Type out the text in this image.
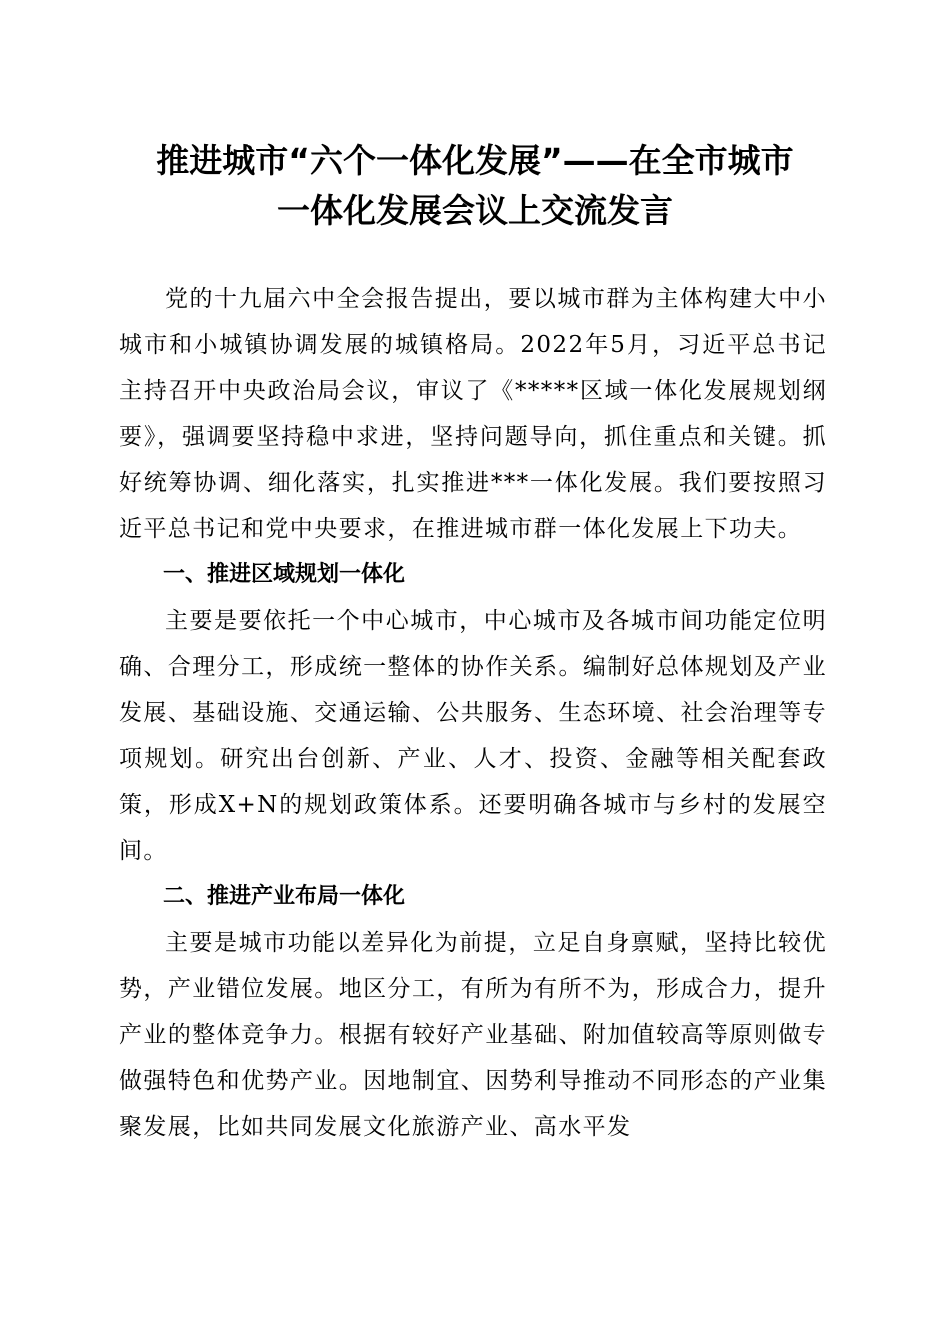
推进城市“六个一体化发展”——在全市城市
一体化发展会议上交流发言

党的十九届六中全会报告提出，要以城市群为主体构建大中小城市和小城镇协调发展的城镇格局。2022年5月，习近平总书记主持召开中央政治局会议，审议了《*****区域一体化发展规划纲要》，强调要坚持稳中求进，坚持问题导向，抓住重点和关键。抓好统筹协调、细化落实，扎实推进***一体化发展。我们要按照习近平总书记和党中央要求，在推进城市群一体化发展上下功夫。

一、推进区域规划一体化

主要是要依托一个中心城市，中心城市及各城市间功能定位明确、合理分工，形成统一整体的协作关系。编制好总体规划及产业发展、基础设施、交通运输、公共服务、生态环境、社会治理等专项规划。研究出台创新、产业、人才、投资、金融等相关配套政策，形成X+N的规划政策体系。还要明确各城市与乡村的发展空间。

二、推进产业布局一体化

主要是城市功能以差异化为前提，立足自身禀赋，坚持比较优势，产业错位发展。地区分工，有所为有所不为，形成合力，提升产业的整体竞争力。根据有较好产业基础、附加值较高等原则做专做强特色和优势产业。因地制宜、因势利导推动不同形态的产业集聚发展，比如共同发展文化旅游产业、高水平发
